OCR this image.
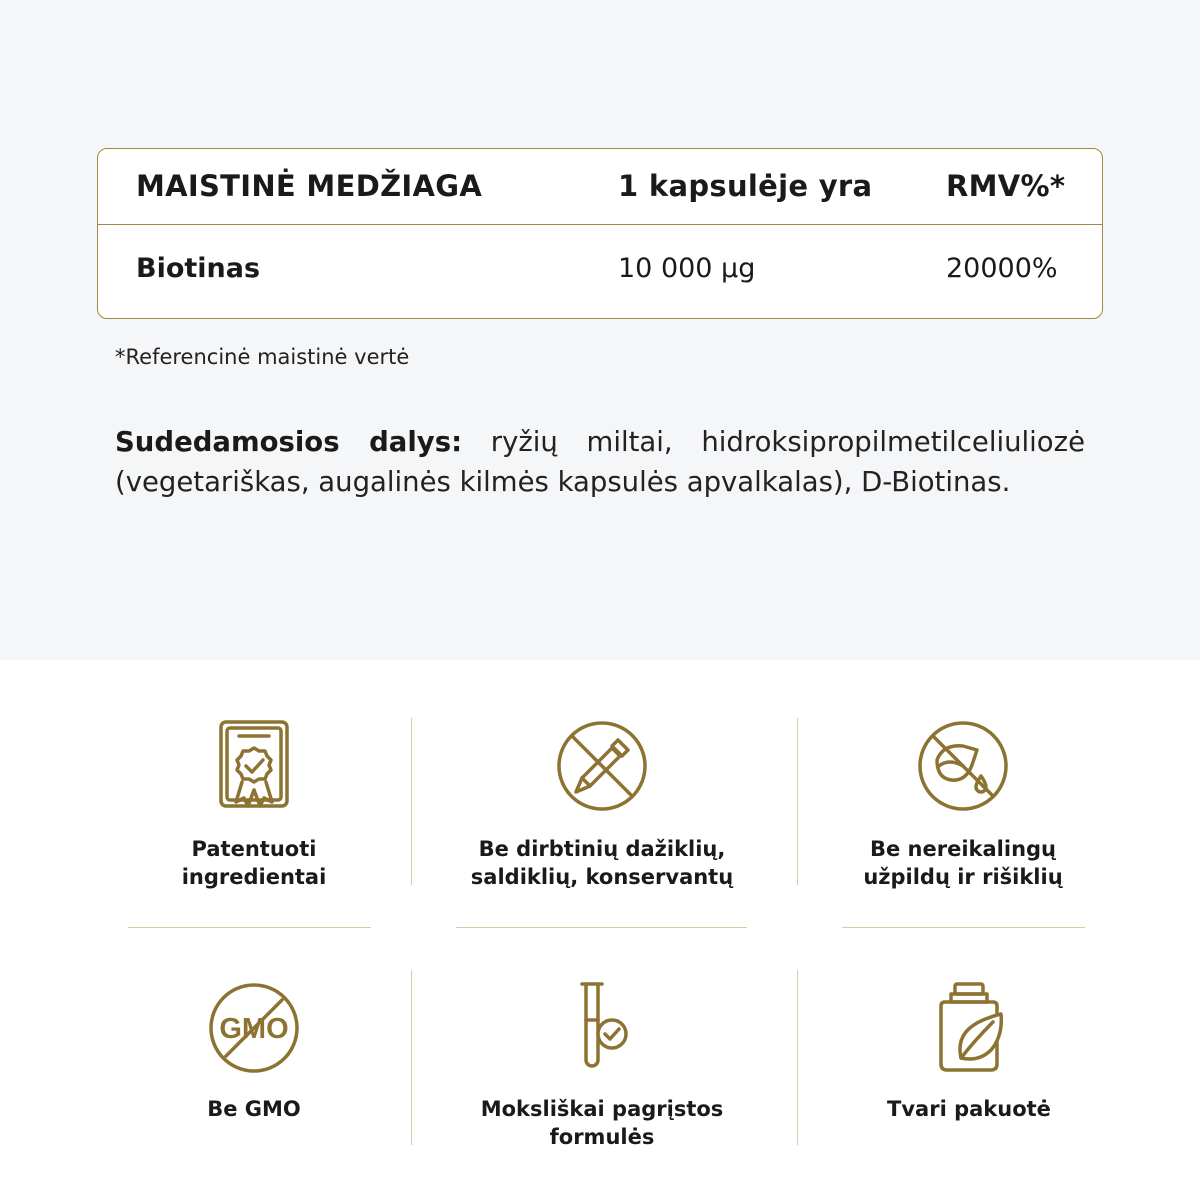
MAISTINĖ MEDŽIAGA	1 kapsulėje yra	RMV%*
Biotinas	10 000 µg	20000%
*Referencinė maistinė vertė
Sudedamosios dalys: ryžių miltai, hidroksipropilmetilceliuliozė (vegetariškas, augalinės kilmės kapsulės apvalkalas), D-Biotinas.
Patentuoti
ingredientai
Be dirbtinių dažiklių,
saldiklių, konservantų
Be nereikalingų
užpildų ir rišiklių
GMO
Be GMO	Moksliškai pagrįstos
formulės
Tvari pakuotė
